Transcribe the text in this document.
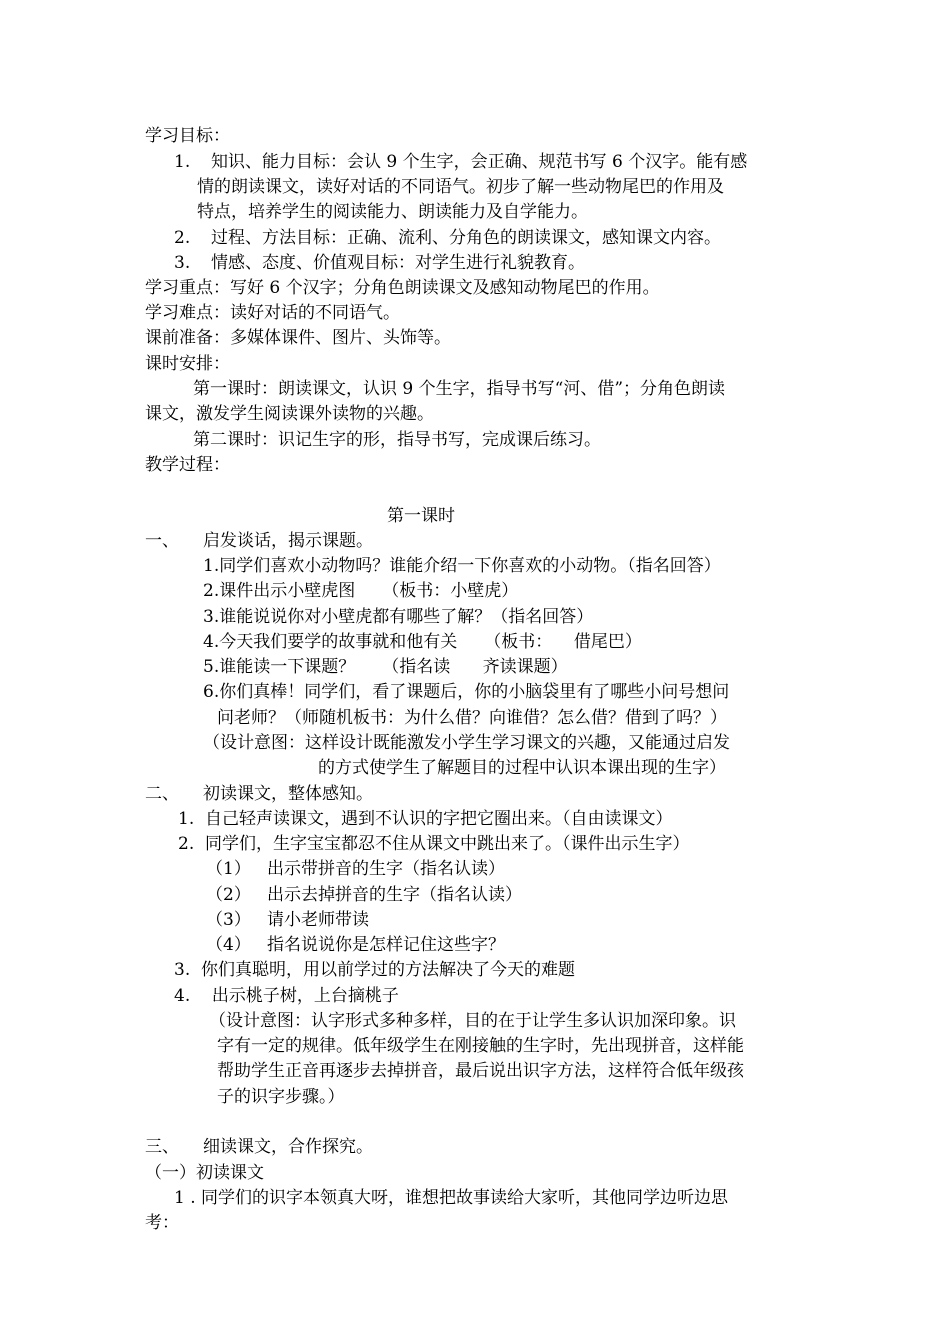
学习目标：
1. 知识、能力目标：会认 9 个生字，会正确、规范书写 6 个汉字。能有感
情的朗读课文，读好对话的不同语气。初步了解一些动物尾巴的作用及
特点，培养学生的阅读能力、朗读能力及自学能力。
2. 过程、方法目标：正确、流利、分角色的朗读课文，感知课文内容。
3. 情感、态度、价值观目标：对学生进行礼貌教育。
学习重点：写好 6 个汉字；分角色朗读课文及感知动物尾巴的作用。
学习难点：读好对话的不同语气。
课前准备：多媒体课件、图片、头饰等。
课时安排：
第一课时：朗读课文，认识 9 个生字，指导书写“河、借”；分角色朗读
课文，激发学生阅读课外读物的兴趣。
第二课时：识记生字的形，指导书写，完成课后练习。
教学过程：
第一课时
一、 启发谈话，揭示课题。
1.同学们喜欢小动物吗？谁能介绍一下你喜欢的小动物。（指名回答）
2.课件出示小壁虎图     （板书：小壁虎）
3.谁能说说你对小壁虎都有哪些了解？（指名回答）
4.今天我们要学的故事就和他有关     （板书：    借尾巴）
5.谁能读一下课题？     （指名读      齐读课题）
6.你们真棒！同学们，看了课题后，你的小脑袋里有了哪些小问号想问
问老师？（师随机板书：为什么借？向谁借？怎么借？借到了吗？）
（设计意图：这样设计既能激发小学生学习课文的兴趣，又能通过启发
的方式使学生了解题目的过程中认识本课出现的生字）
二、 初读课文，整体感知。
1.  自己轻声读课文，遇到不认识的字把它圈出来。（自由读课文）
2.  同学们，生字宝宝都忍不住从课文中跳出来了。（课件出示生字）
（1）   出示带拼音的生字（指名认读）
（2）   出示去掉拼音的生字（指名认读）
（3）   请小老师带读
（4）   指名说说你是怎样记住这些字？
3.  你们真聪明，用以前学过的方法解决了今天的难题
4.    出示桃子树，上台摘桃子
（设计意图：认字形式多种多样，目的在于让学生多认识加深印象。识
字有一定的规律。低年级学生在刚接触的生字时，先出现拼音，这样能
帮助学生正音再逐步去掉拼音，最后说出识字方法，这样符合低年级孩
子的识字步骤。）
三、 细读课文，合作探究。
（一）初读课文
1 . 同学们的识字本领真大呀，谁想把故事读给大家听，其他同学边听边思
考：
